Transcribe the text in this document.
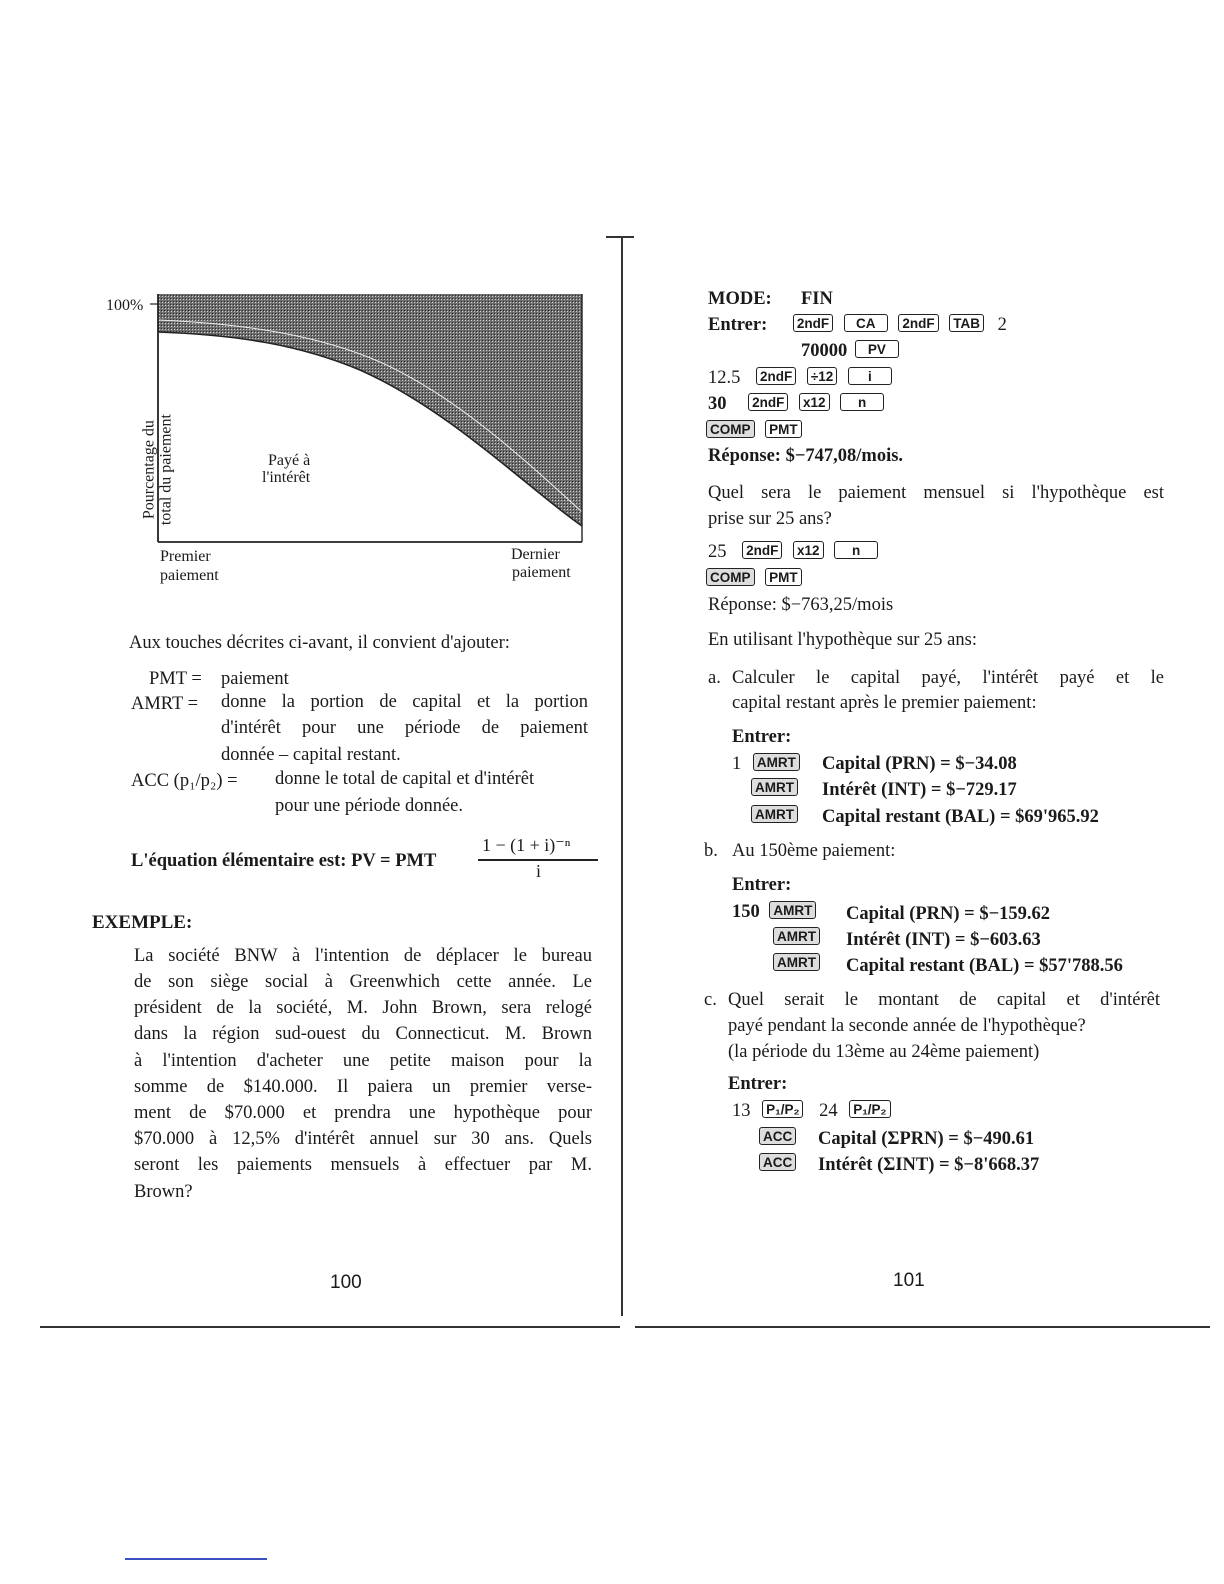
100%
Pourcentage du total du paiement	Payé à
l'intérêt
Premier
paiement
Dernier
paiement
Aux touches décrites ci-avant, il convient d'ajouter:
PMT = paiement
AMRT = donne la portion de capital et la portion
d'intérêt pour une période de paiement
donnée – capital restant.
ACC (p₁/p₂) = donne le total de capital et d'intérêt
pour une période donnée.
L'équation élémentaire est: PV = PMT
1 − (1 + i)⁻ⁿ
i
EXEMPLE:
La société BNW à l'intention de déplacer le bureau
de son siège social à Greenwhich cette année. Le
président de la société, M. John Brown, sera relogé
dans la région sud-ouest du Connecticut. M. Brown
à l'intention d'acheter une petite maison pour la
somme de $140.000. Il paiera un premier verse-
ment de $70.000 et prendra une hypothèque pour
$70.000 à 12,5% d'intérêt annuel sur 30 ans. Quels
seront les paiements mensuels à effectuer par M.
Brown?
100
MODE: FIN
Entrer: 2ndF CA 2ndF TAB 2
70000 PV
12.5 2ndF ÷12	i
30 2ndF x12 n
COMP PMT
Réponse: $−747,08/mois.
Quel sera le paiement mensuel si l'hypothèque est
prise sur 25 ans?
25 2ndF x12 n
COMP PMT
Réponse: $−763,25/mois
En utilisant l'hypothèque sur 25 ans:
a. Calculer le capital payé, l'intérêt payé et le
capital restant après le premier paiement:
Entrer:
1 AMRT	Capital (PRN) = $−34.08
AMRT	Intérêt (INT) = $−729.17
AMRT	Capital restant (BAL) = $69'965.92
b. Au 150ème paiement:
Entrer:
150 AMRT	Capital (PRN) = $−159.62
AMRT	Intérêt (INT) = $−603.63
AMRT	Capital restant (BAL) = $57'788.56
c. Quel serait le montant de capital et d'intérêt
payé pendant la seconde année de l'hypothèque?
(la période du 13ème au 24ème paiement)
Entrer:
13 P₁/P₂ 24 P₁/P₂
ACC	Capital (ΣPRN) = $−490.61
ACC	Intérêt (ΣINT) = $−8'668.37
101
